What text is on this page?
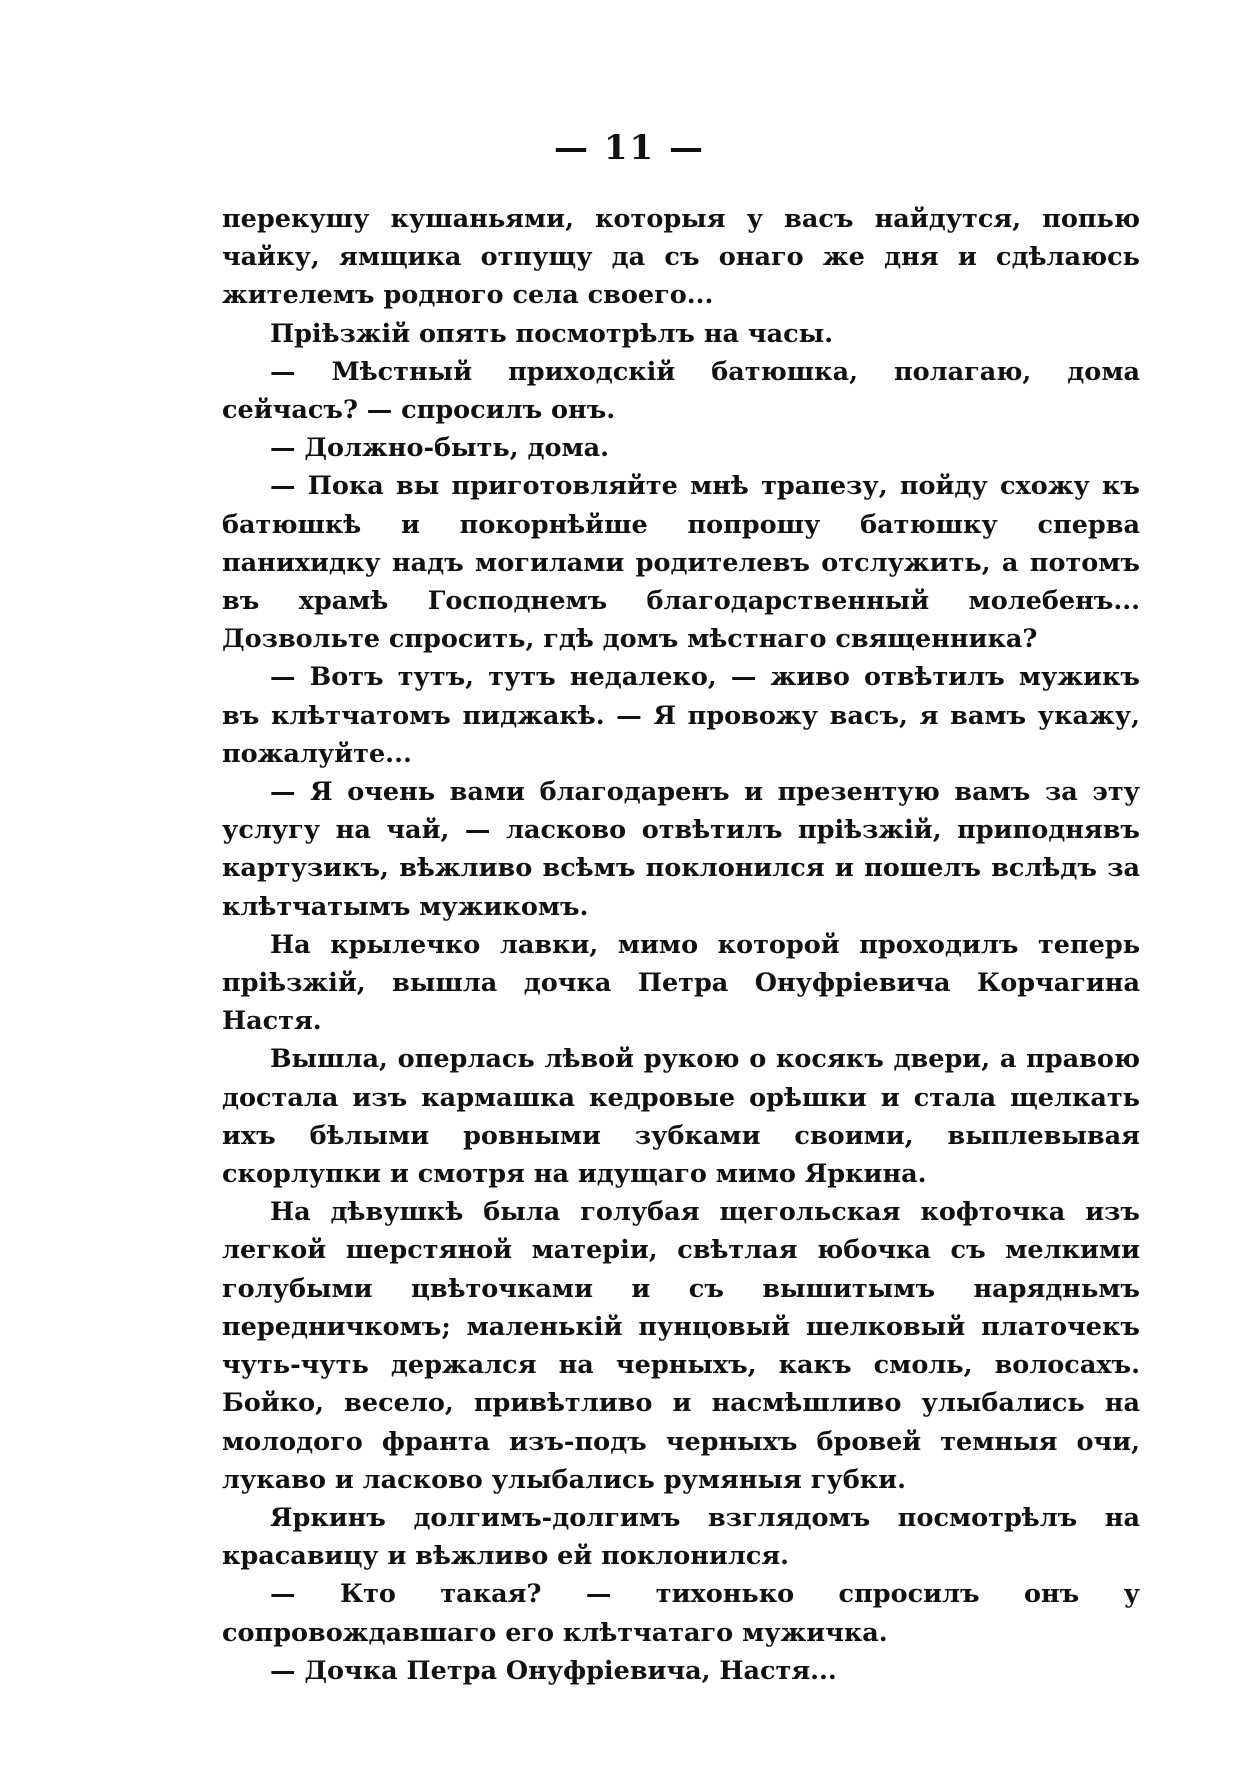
— 11 —

перекушу кушаньями, которыя у васъ найдутся, попью чайку, ямщика отпущу да съ онаго же дня и сдѣлаюсь жителемъ родного села своего...

Пріѣзжій опять посмотрѣлъ на часы.

— Мѣстный приходскій батюшка, полагаю, дома сейчасъ? — спросилъ онъ.

— Должно-быть, дома.

— Пока вы приготовляйте мнѣ трапезу, пойду схожу къ батюшкѣ и покорнѣйше попрошу батюшку сперва панихидку надъ могилами родителевъ отслужить, а потомъ въ храмѣ Господнемъ благодарственный молебенъ... Дозвольте спросить, гдѣ домъ мѣстнаго священника?

— Вотъ тутъ, тутъ недалеко, — живо отвѣтилъ мужикъ въ клѣтчатомъ пиджакѣ. — Я провожу васъ, я вамъ укажу, пожалуйте...

— Я очень вами благодаренъ и презентую вамъ за эту услугу на чай, — ласково отвѣтилъ пріѣзжій, приподнявъ картузикъ, вѣжливо всѣмъ поклонился и пошелъ вслѣдъ за клѣтчатымъ мужикомъ.

На крылечко лавки, мимо которой проходилъ теперь пріѣзжій, вышла дочка Петра Онуфріевича Корчагина Настя.

Вышла, оперлась лѣвой рукою о косякъ двери, а правою достала изъ кармашка кедровые орѣшки и стала щелкать ихъ бѣлыми ровными зубками своими, выплевывая скорлупки и смотря на идущаго мимо Яркина.

На дѣвушкѣ была голубая щегольская кофточка изъ легкой шерстяной матеріи, свѣтлая юбочка съ мелкими голубыми цвѣточками и съ вышитымъ нарядньмъ передничкомъ; маленькій пунцовый шелковый платочекъ чуть-чуть держался на черныхъ, какъ смоль, волосахъ. Бойко, весело, привѣтливо и насмѣшливо улыбались на молодого франта изъ-подъ черныхъ бровей темныя очи, лукаво и ласково улыбались румяныя губки.

Яркинъ долгимъ-долгимъ взглядомъ посмотрѣлъ на красавицу и вѣжливо ей поклонился.

— Кто такая? — тихонько спросилъ онъ у сопровождавшаго его клѣтчатаго мужичка.

— Дочка Петра Онуфріевича, Настя...
